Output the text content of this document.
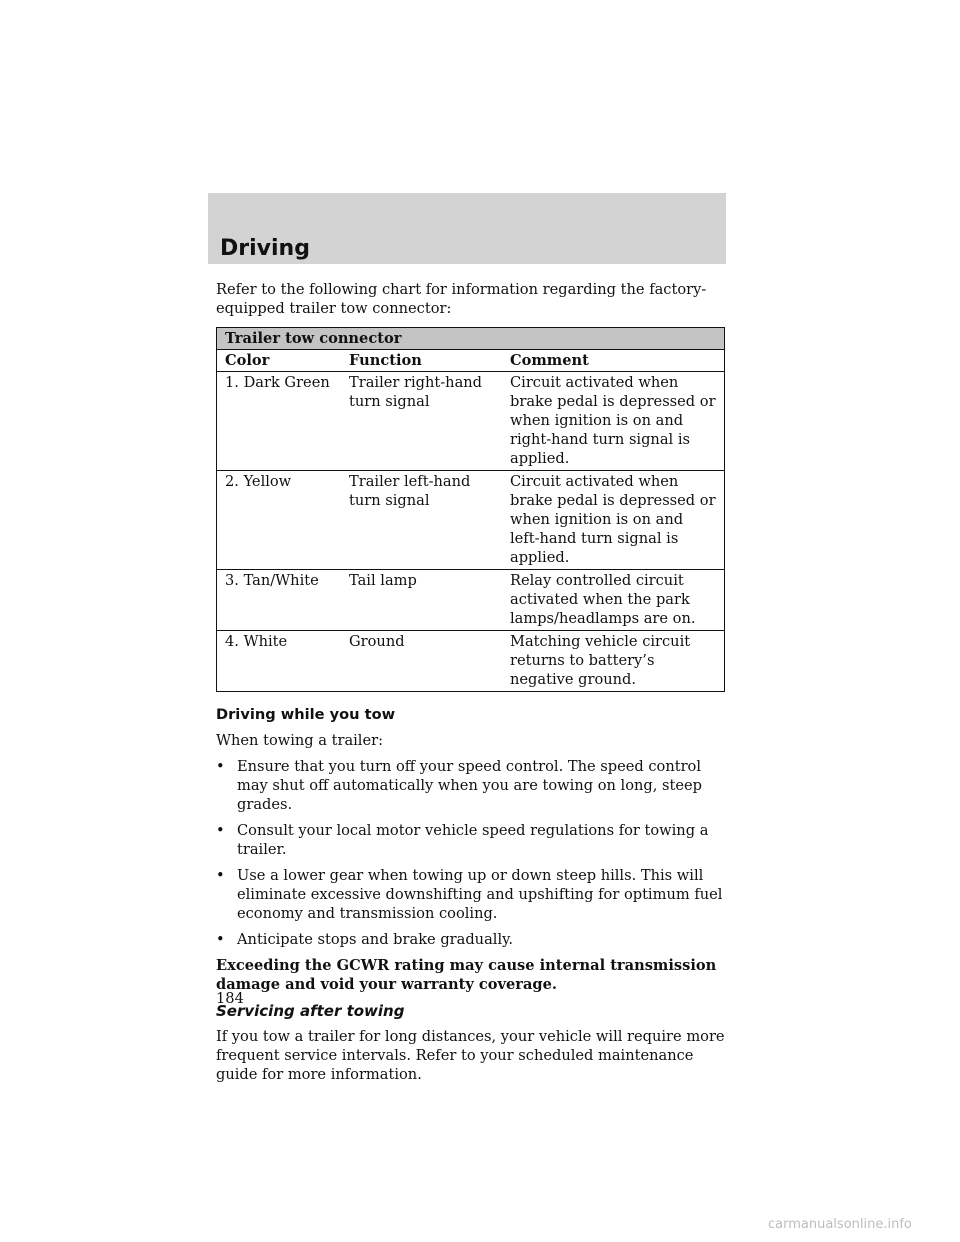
Driving

Refer to the following chart for information regarding the factory-equipped trailer tow connector:

Trailer tow connector		
Color	Function	Comment
1. Dark Green	Trailer right-hand turn signal	Circuit activated when brake pedal is depressed or when ignition is on and right-hand turn signal is applied.
2. Yellow	Trailer left-hand turn signal	Circuit activated when brake pedal is depressed or when ignition is on and left-hand turn signal is applied.
3. Tan/White	Tail lamp	Relay controlled circuit activated when the park lamps/headlamps are on.
4. White	Ground	Matching vehicle circuit returns to battery’s negative ground.

Driving while you tow

When towing a trailer:

• Ensure that you turn off your speed control. The speed control may shut off automatically when you are towing on long, steep grades.
• Consult your local motor vehicle speed regulations for towing a trailer.
• Use a lower gear when towing up or down steep hills. This will eliminate excessive downshifting and upshifting for optimum fuel economy and transmission cooling.
• Anticipate stops and brake gradually.

Exceeding the GCWR rating may cause internal transmission damage and void your warranty coverage.

Servicing after towing

If you tow a trailer for long distances, your vehicle will require more frequent service intervals. Refer to your scheduled maintenance guide for more information.

184
carmanualsonline.info
